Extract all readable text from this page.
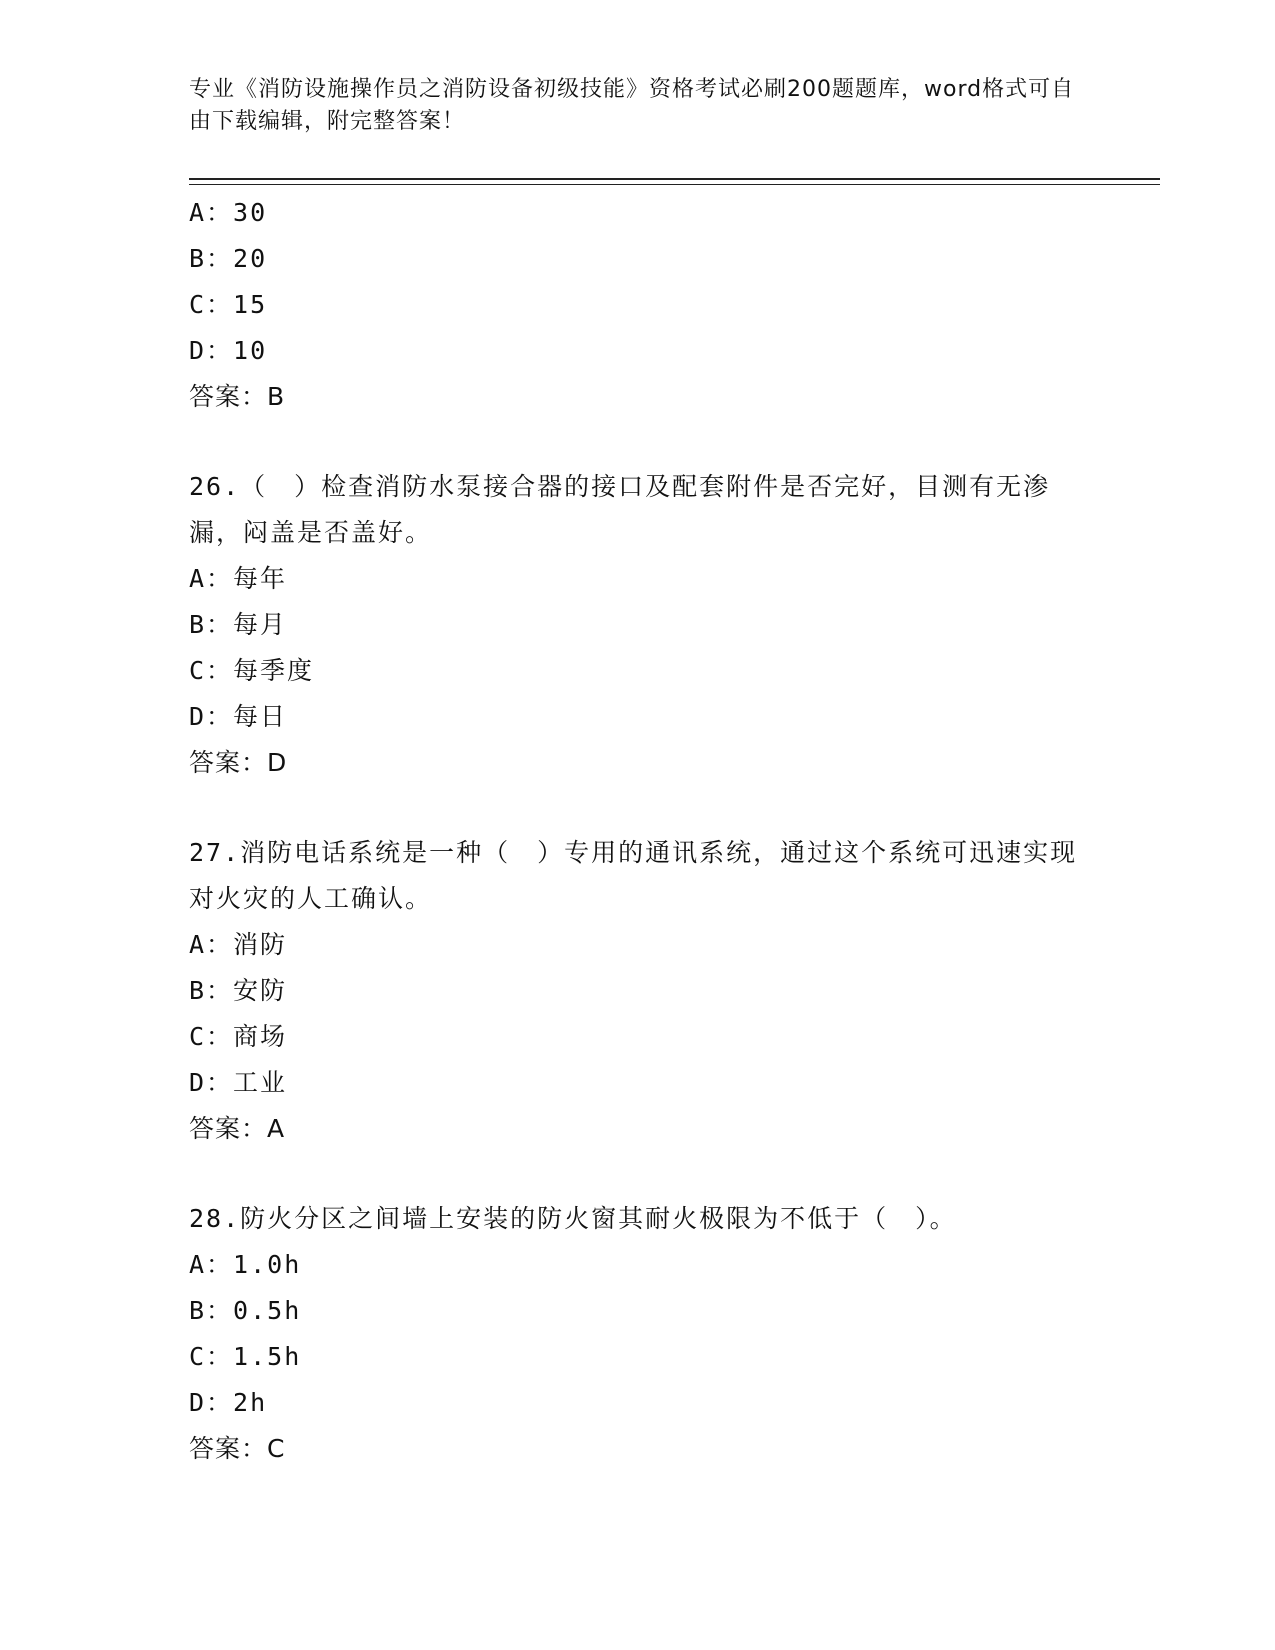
专业《消防设施操作员之消防设备初级技能》资格考试必刷200题题库，word格式可自由下载编辑，附完整答案！
A：30
B：20
C：15
D：10
答案：B
26.（　）检查消防水泵接合器的接口及配套附件是否完好，目测有无渗漏，闷盖是否盖好。
A：每年
B：每月
C：每季度
D：每日
答案：D
27.消防电话系统是一种（　）专用的通讯系统，通过这个系统可迅速实现对火灾的人工确认。
A：消防
B：安防
C：商场
D：工业
答案：A
28.防火分区之间墙上安装的防火窗其耐火极限为不低于（　）。
A：1.0h
B：0.5h
C：1.5h
D：2h
答案：C
